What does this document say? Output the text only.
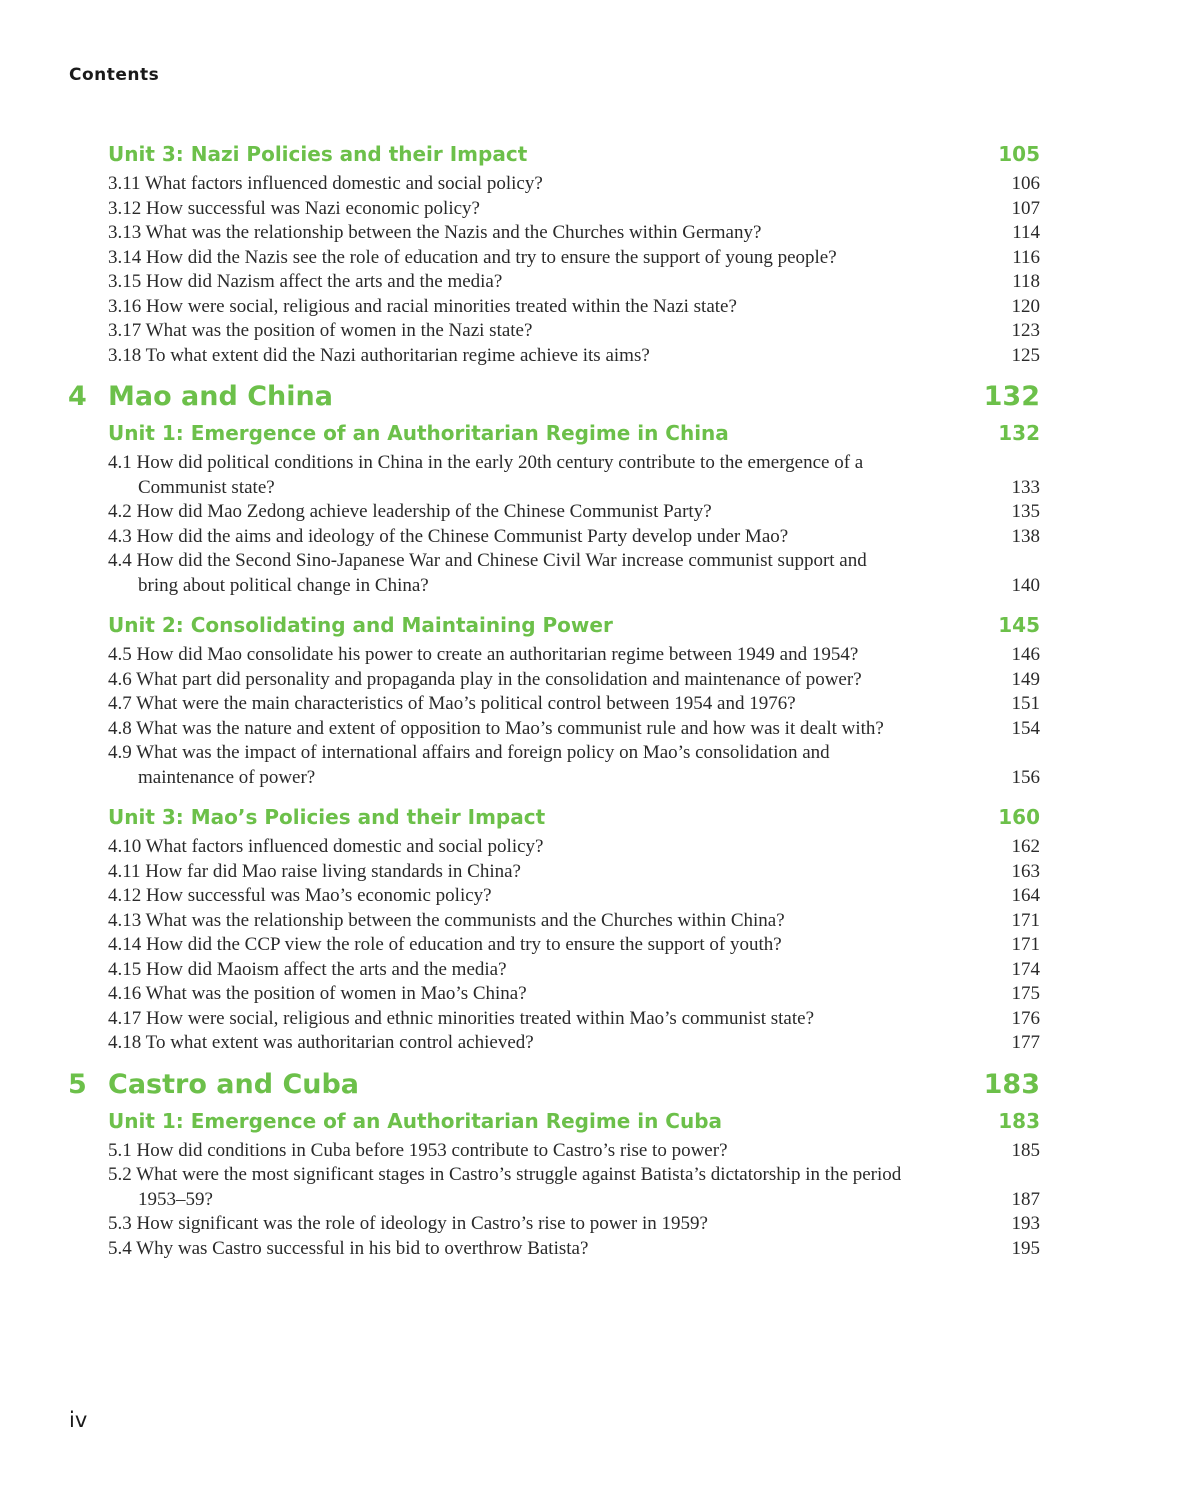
Contents
Unit 3: Nazi Policies and their Impact	105
3.11 What factors influenced domestic and social policy?	106
3.12 How successful was Nazi economic policy?	107
3.13 What was the relationship between the Nazis and the Churches within Germany?	114
3.14 How did the Nazis see the role of education and try to ensure the support of young people?	116
3.15 How did Nazism affect the arts and the media?	118
3.16 How were social, religious and racial minorities treated within the Nazi state?	120
3.17 What was the position of women in the Nazi state?	123
3.18 To what extent did the Nazi authoritarian regime achieve its aims?	125
4 Mao and China	132
Unit 1: Emergence of an Authoritarian Regime in China	132
4.1 How did political conditions in China in the early 20th century contribute to the emergence of a
Communist state?	133
4.2 How did Mao Zedong achieve leadership of the Chinese Communist Party?	135
4.3 How did the aims and ideology of the Chinese Communist Party develop under Mao?	138
4.4 How did the Second Sino-Japanese War and Chinese Civil War increase communist support and
bring about political change in China?	140
Unit 2: Consolidating and Maintaining Power	145
4.5 How did Mao consolidate his power to create an authoritarian regime between 1949 and 1954?	146
4.6 What part did personality and propaganda play in the consolidation and maintenance of power?	149
4.7 What were the main characteristics of Mao’s political control between 1954 and 1976?	151
4.8 What was the nature and extent of opposition to Mao’s communist rule and how was it dealt with?	154
4.9 What was the impact of international affairs and foreign policy on Mao’s consolidation and
maintenance of power?	156
Unit 3: Mao’s Policies and their Impact	160
4.10 What factors influenced domestic and social policy?	162
4.11 How far did Mao raise living standards in China?	163
4.12 How successful was Mao’s economic policy?	164
4.13 What was the relationship between the communists and the Churches within China?	171
4.14 How did the CCP view the role of education and try to ensure the support of youth?	171
4.15 How did Maoism affect the arts and the media?	174
4.16 What was the position of women in Mao’s China?	175
4.17 How were social, religious and ethnic minorities treated within Mao’s communist state?	176
4.18 To what extent was authoritarian control achieved?	177
5 Castro and Cuba	183
Unit 1: Emergence of an Authoritarian Regime in Cuba	183
5.1 How did conditions in Cuba before 1953 contribute to Castro’s rise to power?	185
5.2 What were the most significant stages in Castro’s struggle against Batista’s dictatorship in the period
1953–59?	187
5.3 How significant was the role of ideology in Castro’s rise to power in 1959?	193
5.4 Why was Castro successful in his bid to overthrow Batista?	195
iv
